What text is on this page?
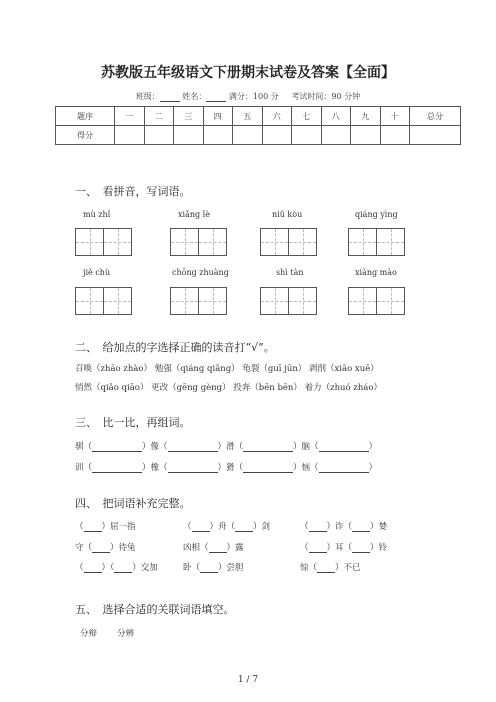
苏教版五年级语文下册期末试卷及答案【全面】
班级：	姓名：	满分：100 分 考试时间：90 分钟
题序	一	二	三	四	五	六	七	八	九	十	总分
得分											
一、　看拼音，写词语。
mù zhǐ	xiǎng lè	niǔ kòu	qiáng yìng
jiě chù	chōng zhuàng	shì tàn	xiàng mào
二、　给加点的字选择正确的读音打“√”。
召唤（zhāo zhào） 勉强（qiáng qiǎng） 龟裂（guī jūn） 剥削（xiāo xuē）
悄然（qiǎo qiāo） 更改（gēng gèng） 投奔（bēn bēn） 着力（zhuó zháo）
三、　比一比，再组词。
驯（	）像（	）滑（	）脑（	）
训（	）橡（	）猾（	）恼（	）
四、　把词语补充完整。
（ ）屈一指	（ ）舟（ ）剑	（ ）诈（ ）婪
守（ ）待兔	凶相（ ）露	（ ）耳（ ）铃
（ ）（ ）交加	卧（ ）尝胆	惊（ ）不已
五、　选择合适的关联词语填空。
分辩 分辨
1 / 7
